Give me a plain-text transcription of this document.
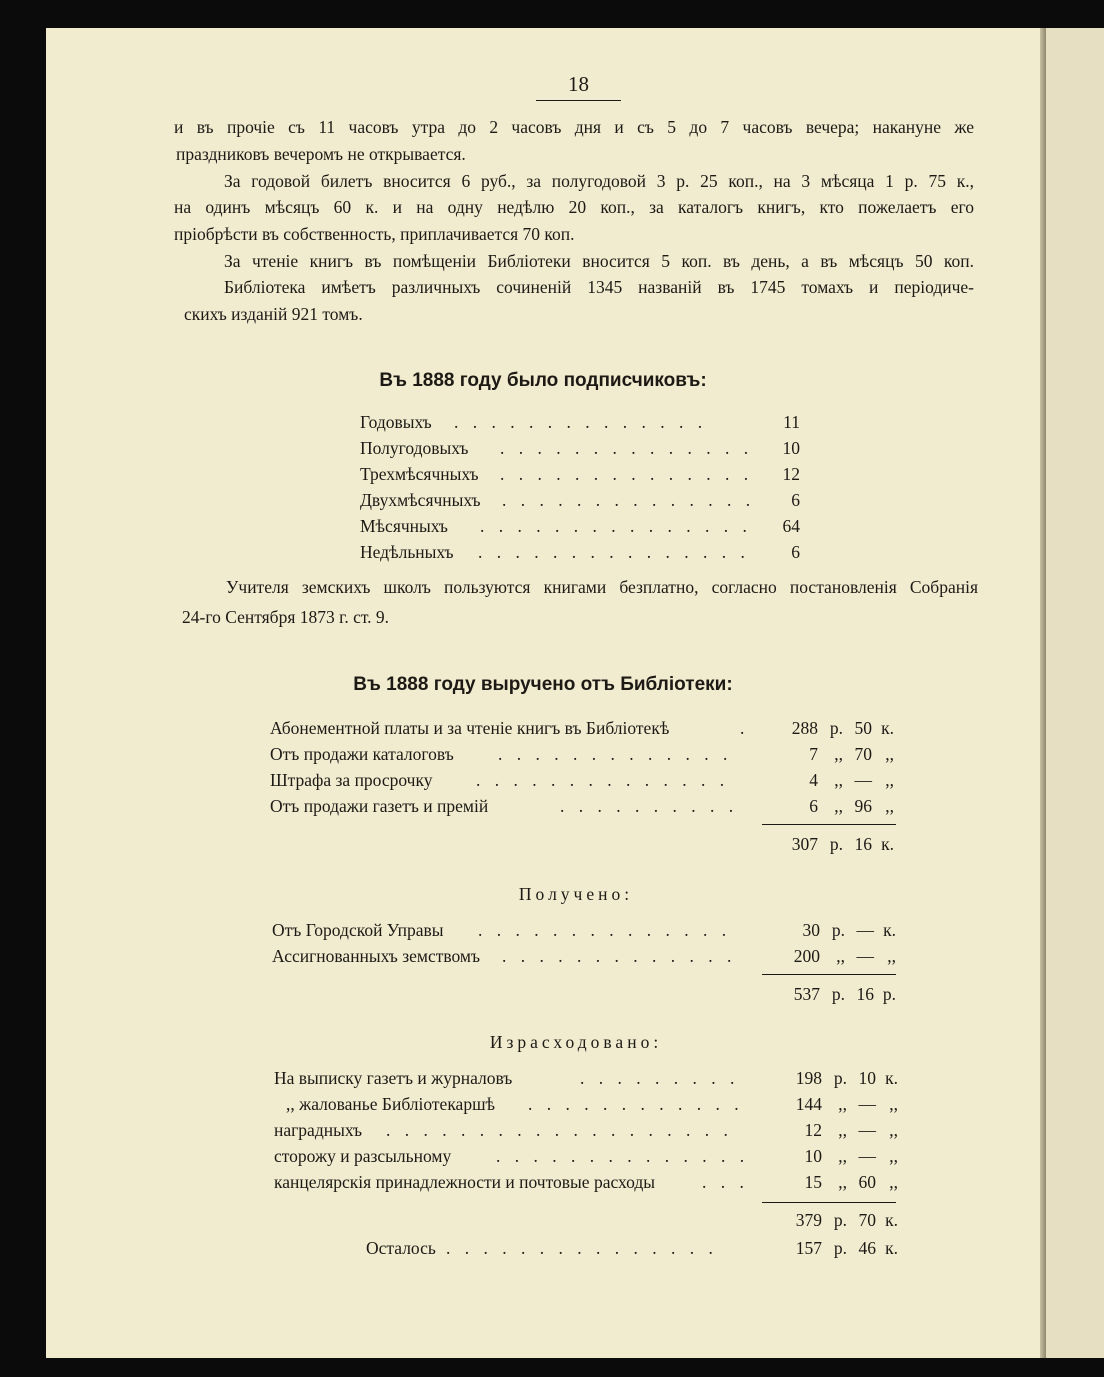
18
и въ прочіе съ 11 часовъ утра до 2 часовъ дня и съ 5 до 7 часовъ вечера; накануне же
праздниковъ вечеромъ не открывается.
За годовой билетъ вносится 6 руб., за полугодовой 3 р. 25 коп., на 3 мѣсяца 1 р. 75 к.,
на одинъ мѣсяцъ 60 к. и на одну недѣлю 20 коп., за каталогъ книгъ, кто пожелаетъ его
пріобрѣсти въ собственность, приплачивается 70 коп.
За чтеніе книгъ въ помѣщеніи Библіотеки вносится 5 коп. въ день, а въ мѣсяцъ 50 коп.
Библіотека имѣетъ различныхъ сочиненій 1345 названій въ 1745 томахъ и періодиче-
скихъ изданій 921 томъ.
Въ 1888 году было подписчиковъ:
Годовыхъ . . . . . . . . . . . . . .	11
Полугодовыхъ . . . . . . . . . . . . . . 10
Трехмѣсячныхъ . . . . . . . . . . . . . . 12
Двухмѣсячныхъ . . . . . . . . . . . . . . 6
Мѣсячныхъ . . . . . . . . . . . . . . . 64
Недѣльныхъ . . . . . . . . . . . . . . . 6
Учителя земскихъ школъ пользуются книгами безплатно, согласно постановленія Собранія
24-го Сентября 1873 г. ст. 9.
Въ 1888 году выручено отъ Библіотеки:
Абонементной платы и за чтеніе книгъ въ Библіотекѣ	.	288 р. 50 к.
Отъ продажи каталоговъ	. . . . . . . . . . . . .	7 ,, 70 ,,
Штрафа за просрочку . . . . . . . . . . . . . .	4 ,, — ,,
Отъ продажи газетъ и премій	. . . . . . . . . .	6 ,, 96 ,,
307 р. 16 к.
Получено:
Отъ Городской Управы . . . . . . . . . . . . . .	30 р. — к.
Ассигнованныхъ земствомъ . . . . . . . . . . . . .	200 ,, — ,,
537 р. 16 р.
Израсходовано:
На выписку газетъ и журналовъ	. . . . . . . . .	198 р. 10 к.
,, жалованье Библіотекаршѣ . . . . . . . . . . . .	144 ,, — ,,
наградныхъ . . . . . . . . . . . . . . . . . . .	12 ,, — ,,
сторожу и разсыльному	. . . . . . . . . . . . . .	10 ,, — ,,
канцелярскія принадлежности и почтовые расходы	. . .	15 ,, 60 ,,
379 р. 70 к.
Осталось . . . . . . . . . . . . . . .	157 р. 46 к.
